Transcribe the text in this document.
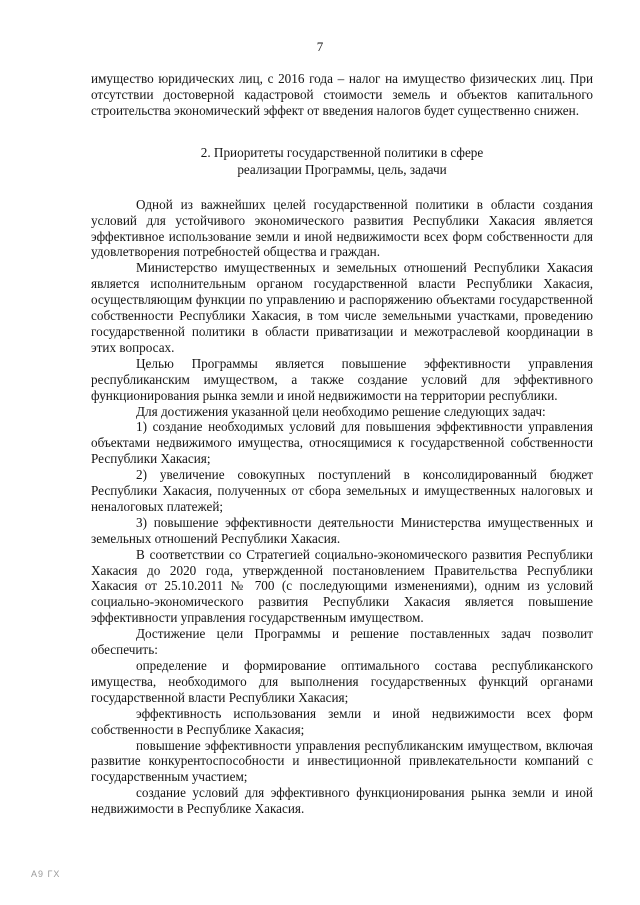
7

имущество юридических лиц, с 2016 года – налог на имущество физических лиц. При отсутствии достоверной кадастровой стоимости земель и объектов капитального строительства экономический эффект от введения налогов будет существенно снижен.

2. Приоритеты государственной политики в сфере
реализации Программы, цель, задачи

Одной из важнейших целей государственной политики в области создания условий для устойчивого экономического развития Республики Хакасия является эффективное использование земли и иной недвижимости всех форм собственности для удовлетворения потребностей общества и граждан.

Министерство имущественных и земельных отношений Республики Хакасия является исполнительным органом государственной власти Республики Хакасия, осуществляющим функции по управлению и распоряжению объектами государственной собственности Республики Хакасия, в том числе земельными участками, проведению государственной политики в области приватизации и межотраслевой координации в этих вопросах.

Целью Программы является повышение эффективности управления республиканским имуществом, а также создание условий для эффективного функционирования рынка земли и иной недвижимости на территории республики.

Для достижения указанной цели необходимо решение следующих задач:

1) создание необходимых условий для повышения эффективности управления объектами недвижимого имущества, относящимися к государственной собственности Республики Хакасия;

2) увеличение совокупных поступлений в консолидированный бюджет Республики Хакасия, полученных от сбора земельных и имущественных налоговых и неналоговых платежей;

3) повышение эффективности деятельности Министерства имущественных и земельных отношений Республики Хакасия.

В соответствии со Стратегией социально-экономического развития Республики Хакасия до 2020 года, утвержденной постановлением Правительства Республики Хакасия от 25.10.2011 № 700 (с последующими изменениями), одним из условий социально-экономического развития Республики Хакасия является повышение эффективности управления государственным имуществом.

Достижение цели Программы и решение поставленных задач позволит обеспечить:

определение и формирование оптимального состава республиканского имущества, необходимого для выполнения государственных функций органами государственной власти Республики Хакасия;

эффективность использования земли и иной недвижимости всех форм собственности в Республике Хакасия;

повышение эффективности управления республиканским имуществом, включая развитие конкурентоспособности и инвестиционной привлекательности компаний с государственным участием;

создание условий для эффективного функционирования рынка земли и иной недвижимости в Республике Хакасия.

А9 ГХ
